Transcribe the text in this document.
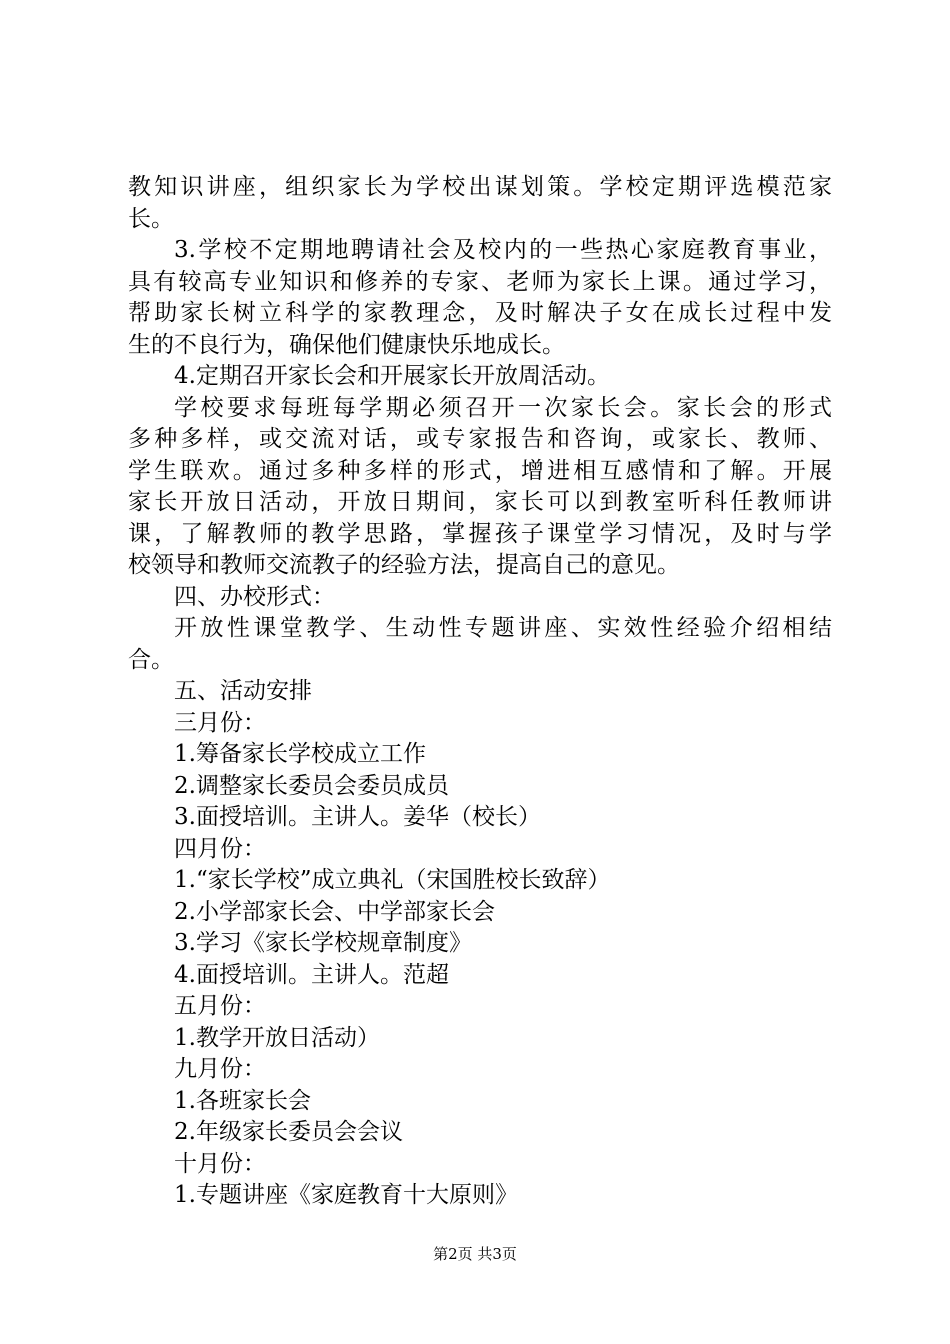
教知识讲座，组织家长为学校出谋划策。学校定期评选模范家
长。
3.学校不定期地聘请社会及校内的一些热心家庭教育事业，
具有较高专业知识和修养的专家、老师为家长上课。通过学习，
帮助家长树立科学的家教理念，及时解决子女在成长过程中发
生的不良行为，确保他们健康快乐地成长。
4.定期召开家长会和开展家长开放周活动。
学校要求每班每学期必须召开一次家长会。家长会的形式
多种多样，或交流对话，或专家报告和咨询，或家长、教师、
学生联欢。通过多种多样的形式，增进相互感情和了解。开展
家长开放日活动，开放日期间，家长可以到教室听科任教师讲
课，了解教师的教学思路，掌握孩子课堂学习情况，及时与学
校领导和教师交流教子的经验方法，提高自己的意见。
四、办校形式：
开放性课堂教学、生动性专题讲座、实效性经验介绍相结
合。
五、活动安排
三月份：
1.筹备家长学校成立工作
2.调整家长委员会委员成员
3.面授培训。主讲人。姜华（校长）
四月份：
1.“家长学校”成立典礼（宋国胜校长致辞）
2.小学部家长会、中学部家长会
3.学习《家长学校规章制度》
4.面授培训。主讲人。范超
五月份：
1.教学开放日活动）
九月份：
1.各班家长会
2.年级家长委员会会议
十月份：
1.专题讲座《家庭教育十大原则》
第2页 共3页
